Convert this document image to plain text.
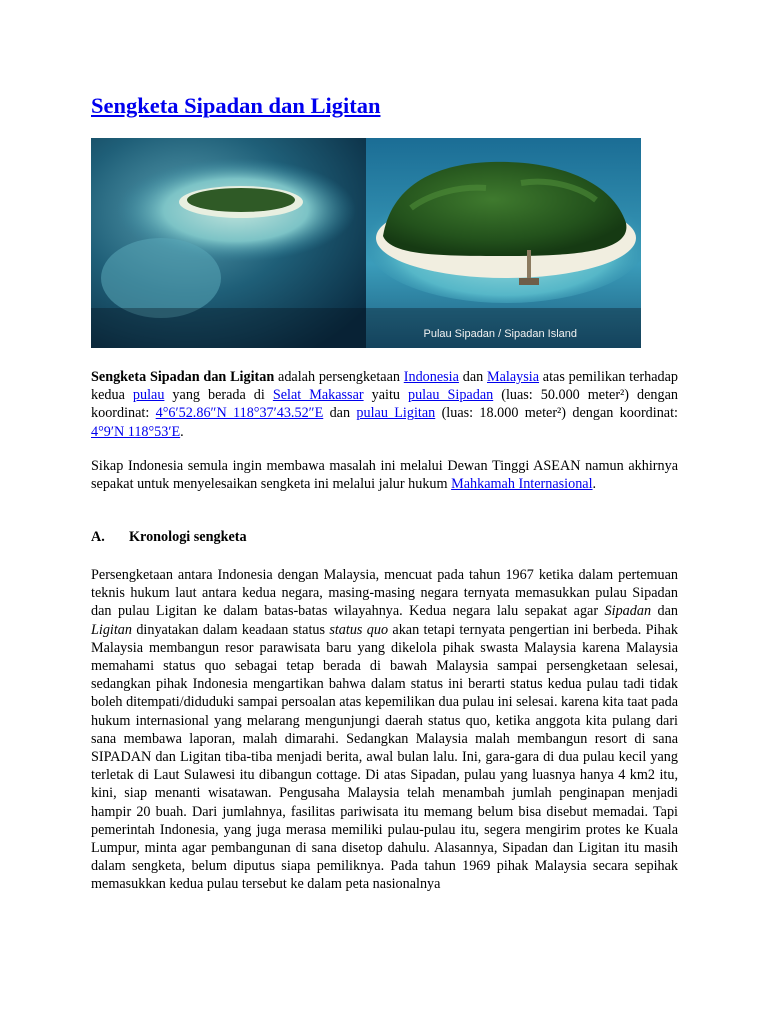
Sengketa Sipadan dan Ligitan
Pulau Sipadan / Sipadan Island

Sengketa Sipadan dan Ligitan adalah persengketaan Indonesia dan Malaysia atas pemilikan terhadap kedua pulau yang berada di Selat Makassar yaitu pulau Sipadan (luas: 50.000 meter²) dengan koordinat: 4°6′52.86″N 118°37′43.52″E dan pulau Ligitan (luas: 18.000 meter²) dengan koordinat: 4°9′N 118°53′E.

Sikap Indonesia semula ingin membawa masalah ini melalui Dewan Tinggi ASEAN namun akhirnya sepakat untuk menyelesaikan sengketa ini melalui jalur hukum Mahkamah Internasional.

A. Kronologi sengketa

Persengketaan antara Indonesia dengan Malaysia, mencuat pada tahun 1967 ketika dalam pertemuan teknis hukum laut antara kedua negara, masing-masing negara ternyata memasukkan pulau Sipadan dan pulau Ligitan ke dalam batas-batas wilayahnya. Kedua negara lalu sepakat agar Sipadan dan Ligitan dinyatakan dalam keadaan status status quo akan tetapi ternyata pengertian ini berbeda. Pihak Malaysia membangun resor parawisata baru yang dikelola pihak swasta Malaysia karena Malaysia memahami status quo sebagai tetap berada di bawah Malaysia sampai persengketaan selesai, sedangkan pihak Indonesia mengartikan bahwa dalam status ini berarti status kedua pulau tadi tidak boleh ditempati/diduduki sampai persoalan atas kepemilikan dua pulau ini selesai. karena kita taat pada hukum internasional yang melarang mengunjungi daerah status quo, ketika anggota kita pulang dari sana membawa laporan, malah dimarahi. Sedangkan Malaysia malah membangun resort di sana SIPADAN dan Ligitan tiba-tiba menjadi berita, awal bulan lalu. Ini, gara-gara di dua pulau kecil yang terletak di Laut Sulawesi itu dibangun cottage. Di atas Sipadan, pulau yang luasnya hanya 4 km2 itu, kini, siap menanti wisatawan. Pengusaha Malaysia telah menambah jumlah penginapan menjadi hampir 20 buah. Dari jumlahnya, fasilitas pariwisata itu memang belum bisa disebut memadai. Tapi pemerintah Indonesia, yang juga merasa memiliki pulau-pulau itu, segera mengirim protes ke Kuala Lumpur, minta agar pembangunan di sana disetop dahulu. Alasannya, Sipadan dan Ligitan itu masih dalam sengketa, belum diputus siapa pemiliknya. Pada tahun 1969 pihak Malaysia secara sepihak memasukkan kedua pulau tersebut ke dalam peta nasionalnya
